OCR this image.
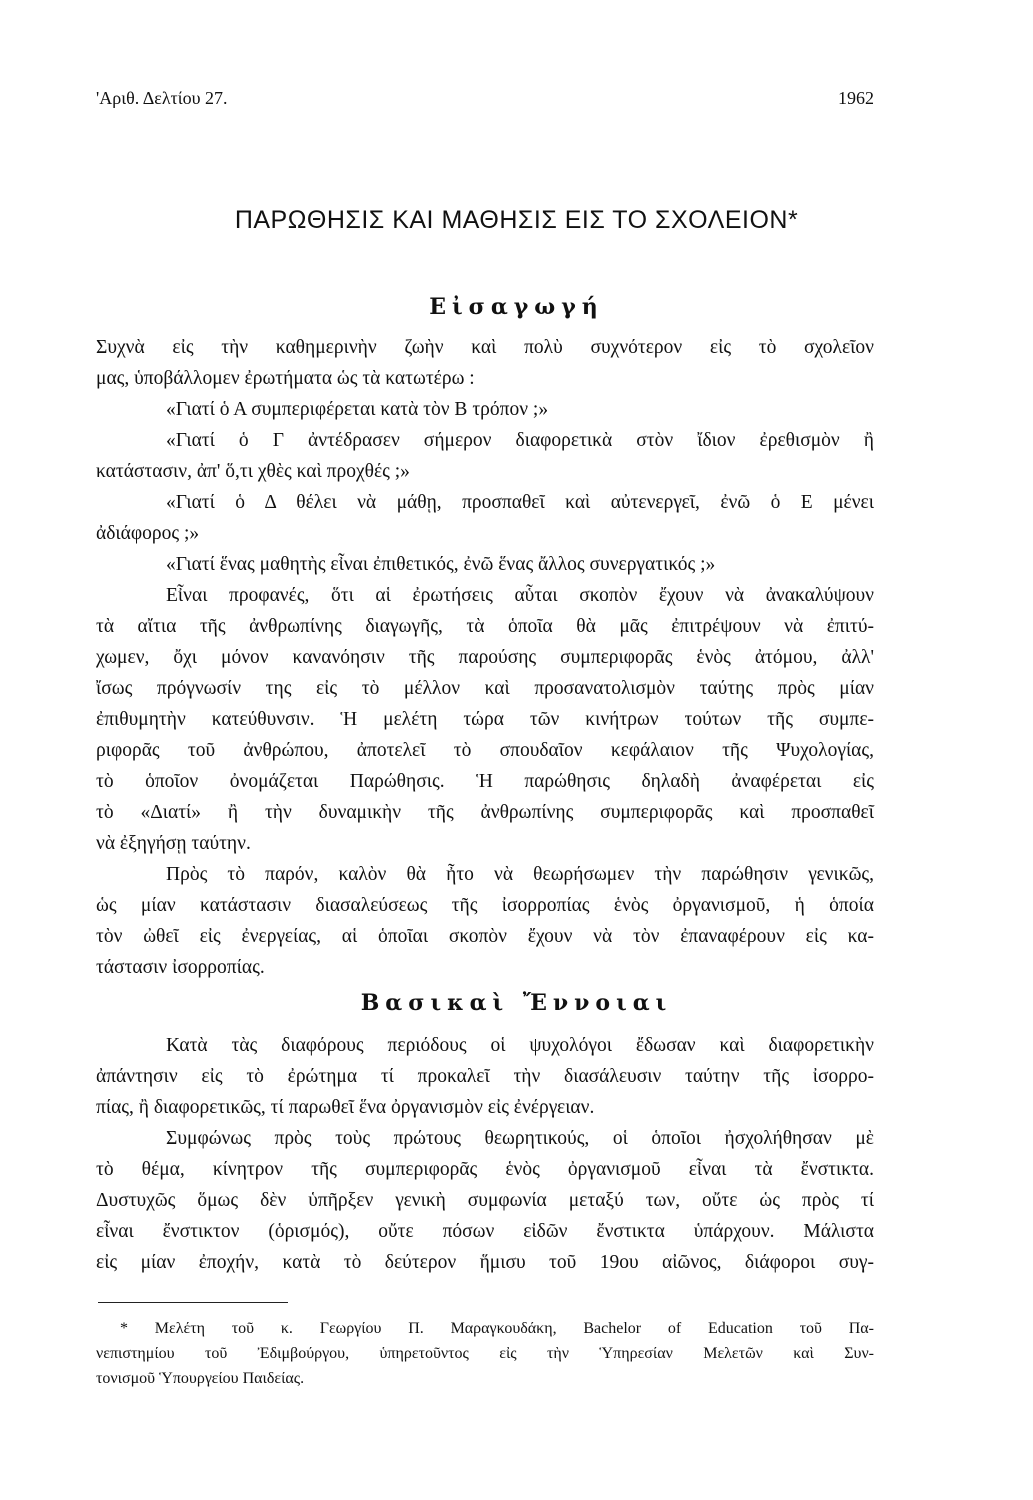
'Αριθ. Δελτίου 27.	1962
ΠΑΡΩΘΗΣΙΣ ΚΑΙ ΜΑΘΗΣΙΣ ΕΙΣ ΤΟ ΣΧΟΛΕΙΟΝ*
Εἰσαγωγή
Συχνὰ εἰς τὴν καθημερινὴν ζωὴν καὶ πολὺ συχνότερον εἰς τὸ σχολεῖον
μας, ὑποβάλλομεν ἐρωτήματα ὡς τὰ κατωτέρω :
«Γιατί ὁ Α συμπεριφέρεται κατὰ τὸν Β τρόπον ;»
«Γιατί ὁ Γ ἀντέδρασεν σήμερον διαφορετικὰ στὸν ἴδιον ἐρεθισμὸν ἢ
κατάστασιν, ἀπ' ὅ,τι χθὲς καὶ προχθές ;»
«Γιατί ὁ Δ θέλει νὰ μάθῃ, προσπαθεῖ καὶ αὐτενεργεῖ, ἐνῶ ὁ Ε μένει
ἀδιάφορος ;»
«Γιατί ἕνας μαθητὴς εἶναι ἐπιθετικός, ἐνῶ ἕνας ἄλλος συνεργατικός ;»
Εἶναι προφανές, ὅτι αἱ ἐρωτήσεις αὗται σκοπὸν ἔχουν νὰ ἀνακαλύψουν
τὰ αἴτια τῆς ἀνθρωπίνης διαγωγῆς, τὰ ὁποῖα θὰ μᾶς ἐπιτρέψουν νὰ ἐπιτύ-
χωμεν, ὄχι μόνον κανανόησιν τῆς παρούσης συμπεριφορᾶς ἑνὸς ἀτόμου, ἀλλ'
ἴσως πρόγνωσίν της εἰς τὸ μέλλον καὶ προσανατολισμὸν ταύτης πρὸς μίαν
ἐπιθυμητὴν κατεύθυνσιν. Ἡ μελέτη τώρα τῶν κινήτρων τούτων τῆς συμπε-
ριφορᾶς τοῦ ἀνθρώπου, ἀποτελεῖ τὸ σπουδαῖον κεφάλαιον τῆς Ψυχολογίας,
τὸ ὁποῖον ὀνομάζεται Παρώθησις. Ἡ παρώθησις δηλαδὴ ἀναφέρεται εἰς
τὸ «Διατί» ἢ τὴν δυναμικὴν τῆς ἀνθρωπίνης συμπεριφορᾶς καὶ προσπαθεῖ
νὰ ἐξηγήσῃ ταύτην.
Πρὸς τὸ παρόν, καλὸν θὰ ἦτο νὰ θεωρήσωμεν τὴν παρώθησιν γενικῶς,
ὡς μίαν κατάστασιν διασαλεύσεως τῆς ἰσορροπίας ἑνὸς ὀργανισμοῦ, ἡ ὁποία
τὸν ὠθεῖ εἰς ἐνεργείας, αἱ ὁποῖαι σκοπὸν ἔχουν νὰ τὸν ἐπαναφέρουν εἰς κα-
τάστασιν ἰσορροπίας.
Βασικαὶ Ἔννοιαι
Κατὰ τὰς διαφόρους περιόδους οἱ ψυχολόγοι ἔδωσαν καὶ διαφορετικὴν
ἀπάντησιν εἰς τὸ ἐρώτημα τί προκαλεῖ τὴν διασάλευσιν ταύτην τῆς ἰσορρο-
πίας, ἢ διαφορετικῶς, τί παρωθεῖ ἕνα ὀργανισμὸν εἰς ἐνέργειαν.
Συμφώνως πρὸς τοὺς πρώτους θεωρητικούς, οἱ ὁποῖοι ἠσχολήθησαν μὲ
τὸ θέμα, κίνητρον τῆς συμπεριφορᾶς ἑνὸς ὀργανισμοῦ εἶναι τὰ ἔνστικτα.
Δυστυχῶς ὅμως δὲν ὑπῆρξεν γενικὴ συμφωνία μεταξύ των, οὔτε ὡς πρὸς τί
εἶναι ἔνστικτον (ὁρισμός), οὔτε πόσων εἰδῶν ἔνστικτα ὑπάρχουν. Μάλιστα
εἰς μίαν ἐποχήν, κατὰ τὸ δεύτερον ἥμισυ τοῦ 19ου αἰῶνος, διάφοροι συγ-
* Μελέτη τοῦ κ. Γεωργίου Π. Μαραγκουδάκη, Bachelor of Education τοῦ Πα-
νεπιστημίου τοῦ Ἐδιμβούργου, ὑπηρετοῦντος εἰς τὴν Ὑπηρεσίαν Μελετῶν καὶ Συν-
τονισμοῦ Ὑπουργείου Παιδείας.
